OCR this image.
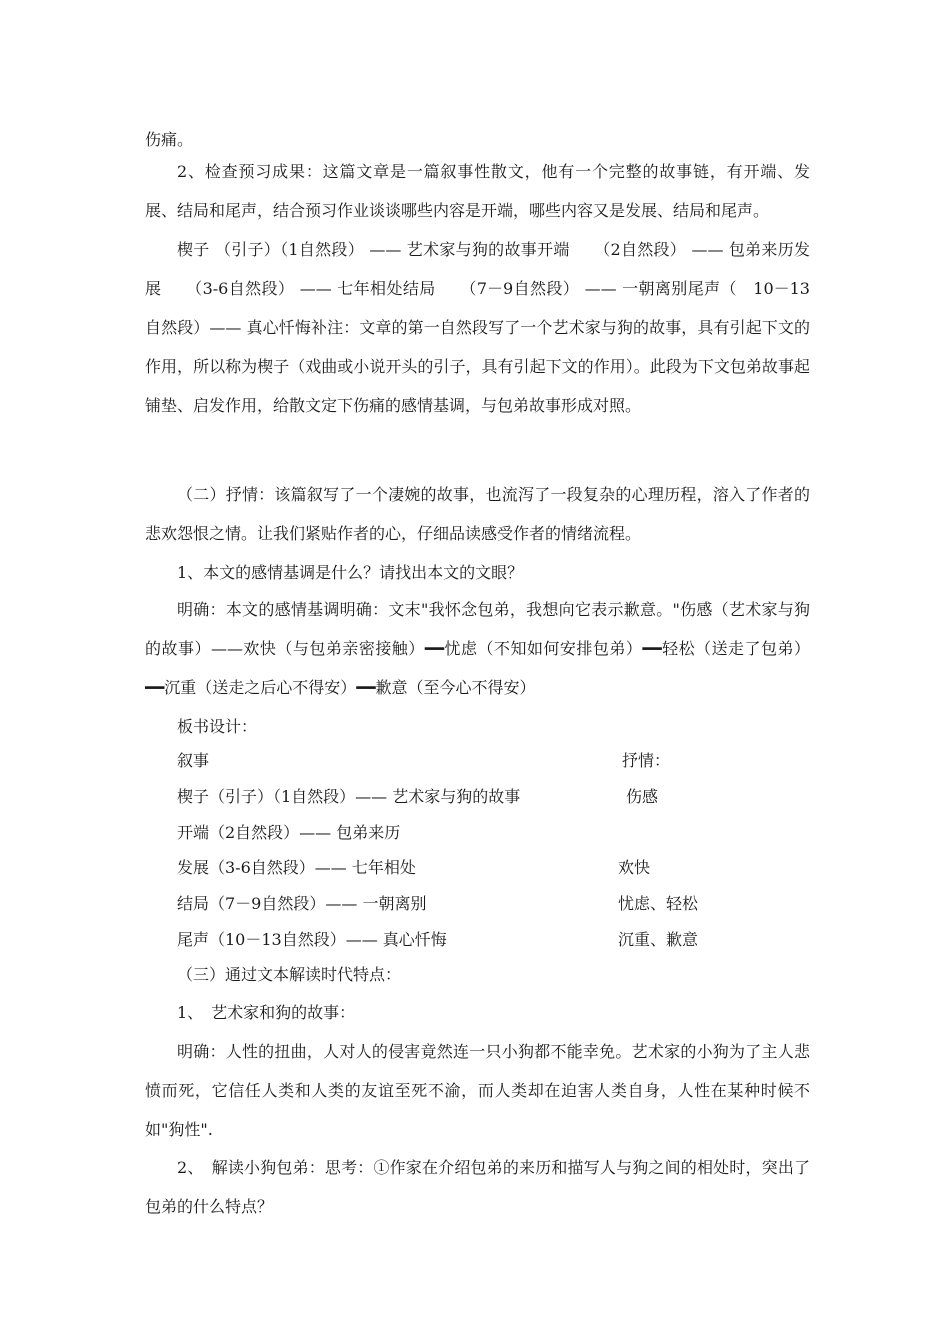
伤痛。

2、检查预习成果：这篇文章是一篇叙事性散文，他有一个完整的故事链，有开端、发展、结局和尾声，结合预习作业谈谈哪些内容是开端，哪些内容又是发展、结局和尾声。

楔子 （引子）（1自然段） —— 艺术家与狗的故事开端　　（2自然段） —— 包弟来历发展　　（3-6自然段） —— 七年相处结局　　（7－9自然段） —— 一朝离别尾声（　10－13自然段）—— 真心忏悔补注：文章的第一自然段写了一个艺术家与狗的故事，具有引起下文的作用，所以称为楔子（戏曲或小说开头的引子，具有引起下文的作用）。此段为下文包弟故事起铺垫、启发作用，给散文定下伤痛的感情基调，与包弟故事形成对照。

（二）抒情：该篇叙写了一个凄婉的故事，也流泻了一段复杂的心理历程，溶入了作者的悲欢怨恨之情。让我们紧贴作者的心，仔细品读感受作者的情绪流程。

1、本文的感情基调是什么？请找出本文的文眼？

明确：本文的感情基调明确：文末"我怀念包弟，我想向它表示歉意。"伤感（艺术家与狗的故事）——欢快（与包弟亲密接触）━━忧虑（不知如何安排包弟）━━轻松（送走了包弟）━━沉重（送走之后心不得安）━━歉意（至今心不得安）

板书设计：

叙事	抒情：

楔子（引子）（1自然段）—— 艺术家与狗的故事	伤感

开端（2自然段）—— 包弟来历

发展（3-6自然段）—— 七年相处	欢快

结局（7－9自然段）—— 一朝离别	忧虑、轻松

尾声（10－13自然段）—— 真心忏悔	沉重、歉意

（三）通过文本解读时代特点：

1、　艺术家和狗的故事：

明确：人性的扭曲，人对人的侵害竟然连一只小狗都不能幸免。艺术家的小狗为了主人悲愤而死，它信任人类和人类的友谊至死不渝，而人类却在迫害人类自身，人性在某种时候不如"狗性".

2、　解读小狗包弟：思考：①作家在介绍包弟的来历和描写人与狗之间的相处时，突出了包弟的什么特点？
